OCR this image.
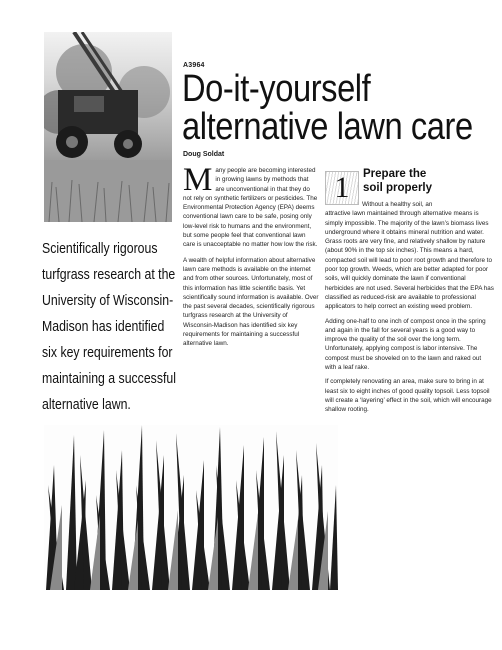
Scientifically rigorous
turfgrass research at the
University of Wisconsin-
Madison has identified
six key requirements for
maintaining a successful
alternative lawn.
A3964
Do-it-yourself
alternative lawn care
Doug Soldat

Many people are becoming interested in growing lawns by methods that are unconventional in that they do not rely on synthetic fertilizers or pesticides. The Environmental Protection Agency (EPA) deems conventional lawn care to be safe, posing only low-level risk to humans and the environment, but some people feel that conventional lawn care is unacceptable no matter how low the risk.

A wealth of helpful information about alternative lawn care methods is available on the internet and from other sources. Unfortunately, most of this information has little scientific basis. Yet scientifically sound information is available. Over the past several decades, scientifically rigorous turfgrass research at the University of Wisconsin-Madison has identified six key requirements for maintaining a successful alternative lawn.

1	Prepare the
soil properly

Without a healthy soil, an

attractive lawn maintained through alternative means is simply impossible. The majority of the lawn’s biomass lives underground where it obtains mineral nutrition and water. Grass roots are very fine, and relatively shallow by nature (about 90% in the top six inches). This means a hard, compacted soil will lead to poor root growth and therefore to poor top growth. Weeds, which are better adapted for poor soils, will quickly dominate the lawn if conventional herbicides are not used. Several herbicides that the EPA has classified as reduced-risk are available to professional applicators to help correct an existing weed problem.

Adding one-half to one inch of compost once in the spring and again in the fall for several years is a good way to improve the quality of the soil over the long term. Unfortunately, applying compost is labor intensive. The compost must be shoveled on to the lawn and raked out with a leaf rake.

If completely renovating an area, make sure to bring in at least six to eight inches of good quality topsoil. Less topsoil will create a ‘layering’ effect in the soil, which will encourage shallow rooting.
